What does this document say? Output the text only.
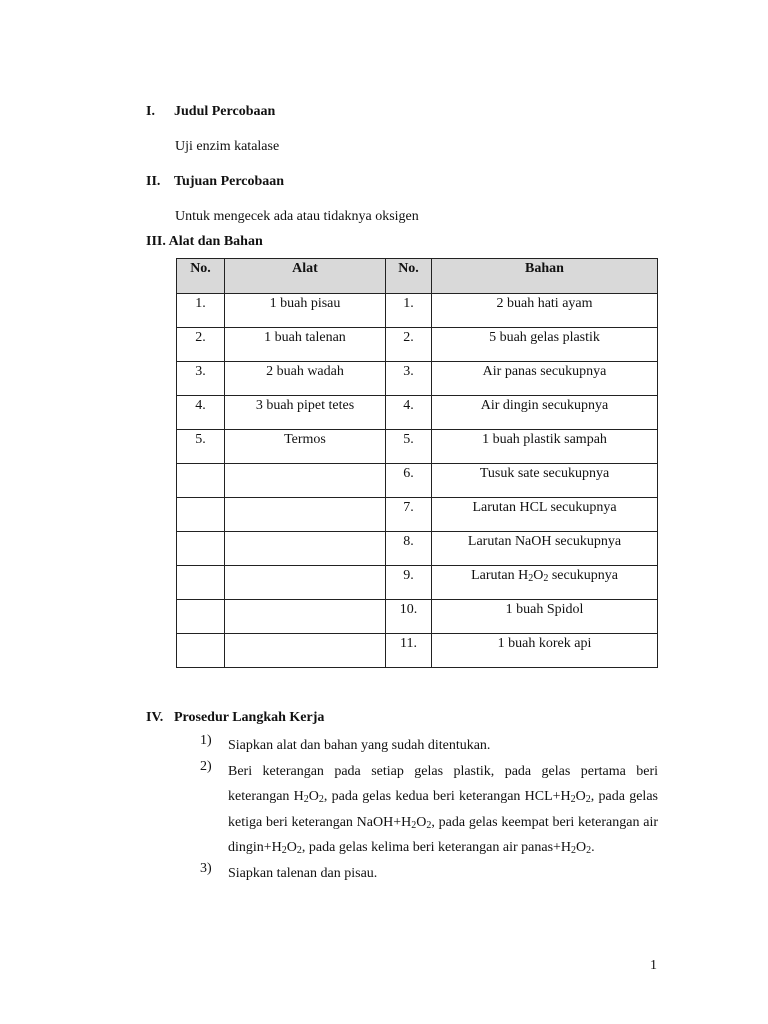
I. Judul Percobaan
Uji enzim katalase
II. Tujuan Percobaan
Untuk mengecek ada atau tidaknya oksigen
III. Alat dan Bahan
No.	Alat	No.	Bahan
1.	1 buah pisau	1.	2 buah hati ayam
2.	1 buah talenan	2.	5 buah gelas plastik
3.	2 buah wadah	3.	Air panas secukupnya
4.	3 buah pipet tetes	4.	Air dingin secukupnya
5.	Termos	5.	1 buah plastik sampah
		6.	Tusuk sate secukupnya
		7.	Larutan HCL secukupnya
		8.	Larutan NaOH secukupnya
		9.	Larutan $H_2O_2$ secukupnya
		10.	1 buah Spidol
		11.	1 buah korek api
IV. Prosedur Langkah Kerja
1)	Siapkan alat dan bahan yang sudah ditentukan.
2)	Beri keterangan pada setiap gelas plastik, pada gelas pertama beri keterangan $H_2O_2$, pada gelas kedua beri keterangan $HCL+H_2O_2$, pada gelas ketiga beri keterangan $NaOH+H_2O_2$, pada gelas keempat beri keterangan air $dingin+H_2O_2$, pada gelas kelima beri keterangan air $panas+H_2O_2$.
3)	Siapkan talenan dan pisau.
1
